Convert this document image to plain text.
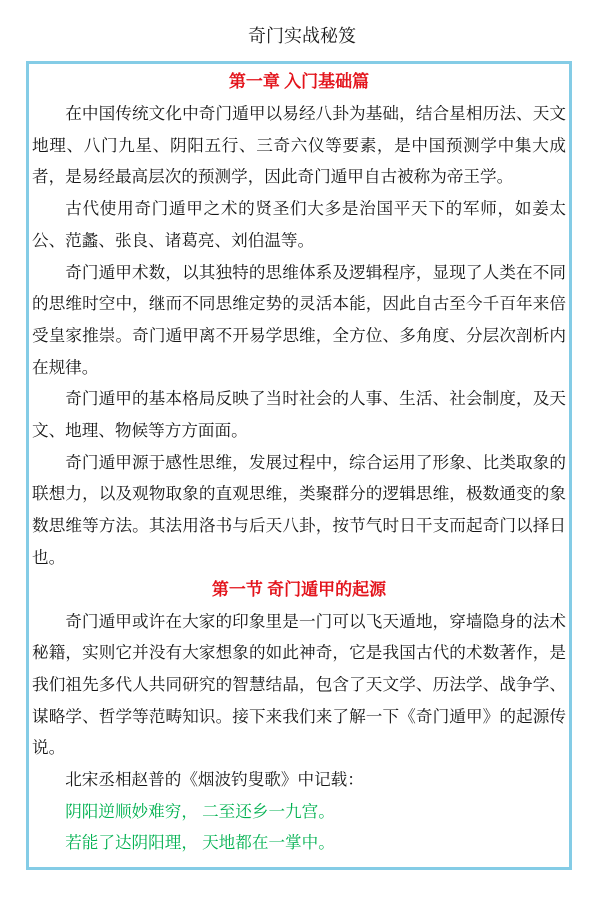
奇门实战秘笈
第一章 入门基础篇

在中国传统文化中奇门遁甲以易经八卦为基础，结合星相历法、天文地理、八门九星、阴阳五行、三奇六仪等要素，是中国预测学中集大成者，是易经最高层次的预测学，因此奇门遁甲自古被称为帝王学。

古代使用奇门遁甲之术的贤圣们大多是治国平天下的军师，如姜太公、范蠡、张良、诸葛亮、刘伯温等。

奇门遁甲术数，以其独特的思维体系及逻辑程序，显现了人类在不同的思维时空中，继而不同思维定势的灵活本能，因此自古至今千百年来倍受皇家推崇。奇门遁甲离不开易学思维，全方位、多角度、分层次剖析内在规律。

奇门遁甲的基本格局反映了当时社会的人事、生活、社会制度，及天文、地理、物候等方方面面。

奇门遁甲源于感性思维，发展过程中，综合运用了形象、比类取象的联想力，以及观物取象的直观思维，类聚群分的逻辑思维，极数通变的象数思维等方法。其法用洛书与后天八卦，按节气时日干支而起奇门以择日也。

第一节 奇门遁甲的起源

奇门遁甲或许在大家的印象里是一门可以飞天遁地，穿墙隐身的法术秘籍，实则它并没有大家想象的如此神奇，它是我国古代的术数著作，是我们祖先多代人共同研究的智慧结晶，包含了天文学、历法学、战争学、谋略学、哲学等范畴知识。接下来我们来了解一下《奇门遁甲》的起源传说。

北宋丞相赵普的《烟波钓叟歌》中记载：

阴阳逆顺妙难穷， 二至还乡一九宫。

若能了达阴阳理， 天地都在一掌中。
